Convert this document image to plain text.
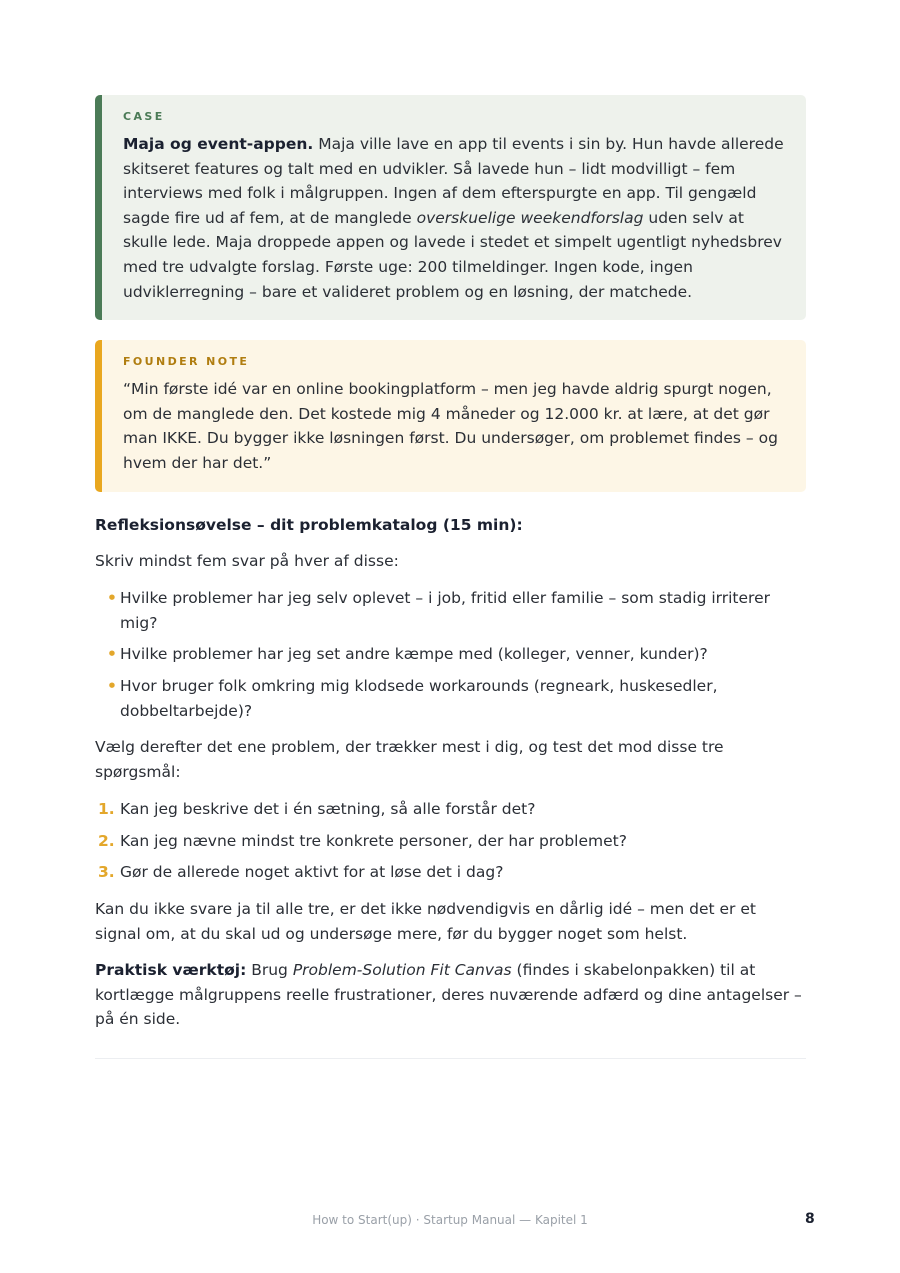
CASE

Maja og event-appen. Maja ville lave en app til events i sin by. Hun havde allerede skitseret features og talt med en udvikler. Så lavede hun – lidt modvilligt – fem interviews med folk i målgruppen. Ingen af dem efterspurgte en app. Til gengæld sagde fire ud af fem, at de manglede overskuelige weekendforslag uden selv at skulle lede. Maja droppede appen og lavede i stedet et simpelt ugentligt nyhedsbrev med tre udvalgte forslag. Første uge: 200 tilmeldinger. Ingen kode, ingen udviklerregning – bare et valideret problem og en løsning, der matchede.

FOUNDER NOTE

“Min første idé var en online bookingplatform – men jeg havde aldrig spurgt nogen, om de manglede den. Det kostede mig 4 måneder og 12.000 kr. at lære, at det gør man IKKE. Du bygger ikke løsningen først. Du undersøger, om problemet findes – og hvem der har det.”

Refleksionsøvelse – dit problemkatalog (15 min):

Skriv mindst fem svar på hver af disse:

• Hvilke problemer har jeg selv oplevet – i job, fritid eller familie – som stadig irriterer mig?
• Hvilke problemer har jeg set andre kæmpe med (kolleger, venner, kunder)?
• Hvor bruger folk omkring mig klodsede workarounds (regneark, huskesedler, dobbeltarbejde)?

Vælg derefter det ene problem, der trækker mest i dig, og test det mod disse tre spørgsmål:

1. Kan jeg beskrive det i én sætning, så alle forstår det?
2. Kan jeg nævne mindst tre konkrete personer, der har problemet?
3. Gør de allerede noget aktivt for at løse det i dag?

Kan du ikke svare ja til alle tre, er det ikke nødvendigvis en dårlig idé – men det er et signal om, at du skal ud og undersøge mere, før du bygger noget som helst.

Praktisk værktøj: Brug Problem-Solution Fit Canvas (findes i skabelonpakken) til at kortlægge målgruppens reelle frustrationer, deres nuværende adfærd og dine antagelser – på én side.

How to Start(up) · Startup Manual — Kapitel 1	8
